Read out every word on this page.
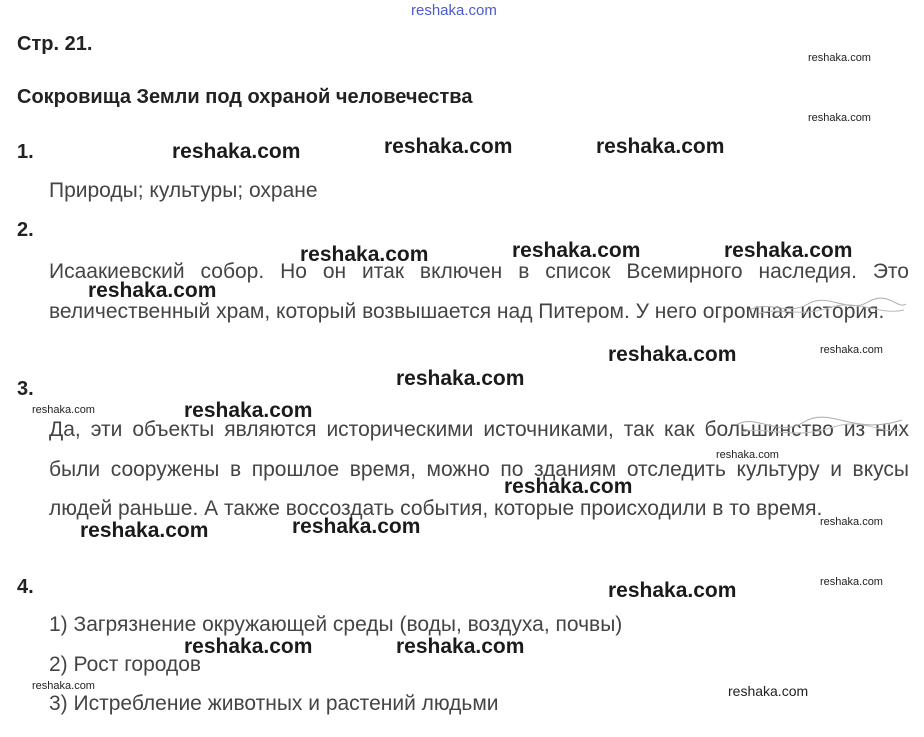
reshaka.com
Стр. 21.
Сокровища Земли под охраной человечества
1.
Природы; культуры; охране
2.
Исаакиевский собор. Но он итак включен в список Всемирного наследия. Это величественный храм, который возвышается над Питером. У него огромная история.
3.
Да, эти объекты являются историческими источниками, так как большинство из них были сооружены в прошлое время, можно по зданиям отследить культуру и вкусы людей раньше. А также воссоздать события, которые происходили в то время.
4.
1) Загрязнение окружающей среды (воды, воздуха, почвы)
2) Рост городов
3) Истребление животных и растений людьми
reshaka.com	reshaka.com	reshaka.com
reshaka.com	reshaka.com	reshaka.com
reshaka.com
reshaka.com
reshaka.com
reshaka.com
reshaka.com
reshaka.com
reshaka.com
reshaka.com
reshaka.com	reshaka.com
reshaka.com
reshaka.com
reshaka.com
reshaka.com
reshaka.com
reshaka.com
reshaka.com
reshaka.com	reshaka.com
